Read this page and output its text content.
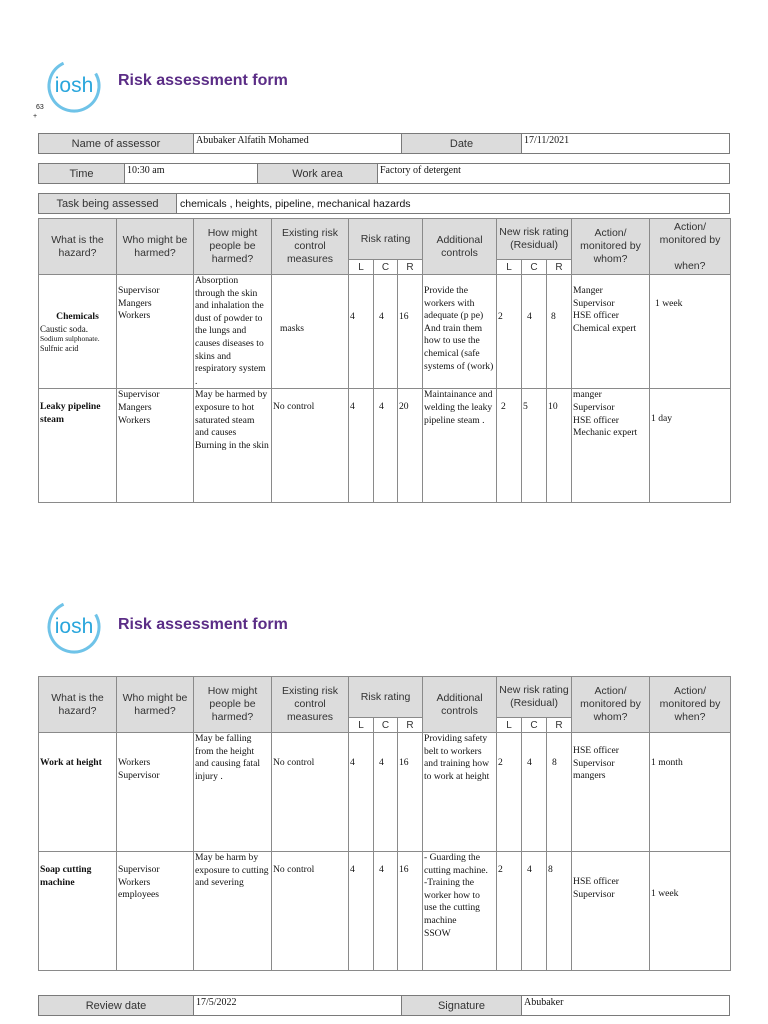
iosh Risk assessment form
63
+
Name of assessor	Abubaker Alfatih Mohamed	Date	17/11/2021
Time	10:30 am	Work area	Factory of detergent
Task being assessed	chemicals , heights, pipeline, mechanical hazards
What is the hazard?	Who might be harmed?	How might people be harmed?	Existing risk control measures	Risk rating			Additional controls	New risk rating (Residual)			Action/ monitored by whom?	Action/ monitored by

when?
				L	C	R		L	C	R		

Chemicals
Caustic soda.
Sodium sulphonate.
Sulfnic acid	Supervisor
Mangers
Workers	Absorption through the skin and inhalation the dust of powder to the lungs and causes diseases to skins and respiratory system .	masks	4	4	16	Provide the workers with adequate (p pe) And train them how to use the chemical (safe systems of (work)	2	4	8	Manger
Supervisor
HSE officer
Chemical expert	1 week
Leaky pipeline steam	Supervisor
Mangers
Workers	May be harmed by exposure to hot saturated steam and causes Burning in the skin	No control	4	4	20	Maintainance and welding the leaky pipeline steam .	2	5	10	manger
Supervisor
HSE officer
Mechanic expert	1 day
iosh Risk assessment form
What is the hazard?	Who might be harmed?	How might people be harmed?	Existing risk control measures	Risk rating			Additional controls	New risk rating (Residual)			Action/ monitored by whom?	Action/ monitored by when?
				L	C	R		L	C	R		
Work at height	Workers
Supervisor	May be falling from the height and causing fatal injury .	No control	4	4	16	Providing safety belt to workers and training how to work at height	2	4	8	HSE officer
Supervisor
mangers	1 month
Soap cutting machine	Supervisor
Workers
employees	May be harm by exposure to cutting and severing	No control	4	4	16	- Guarding the cutting machine.
-Training the worker how to use the cutting machine
SSOW	2	4	8	HSE officer
Supervisor	1 week
Review date	17/5/2022	Signature	Abubaker
